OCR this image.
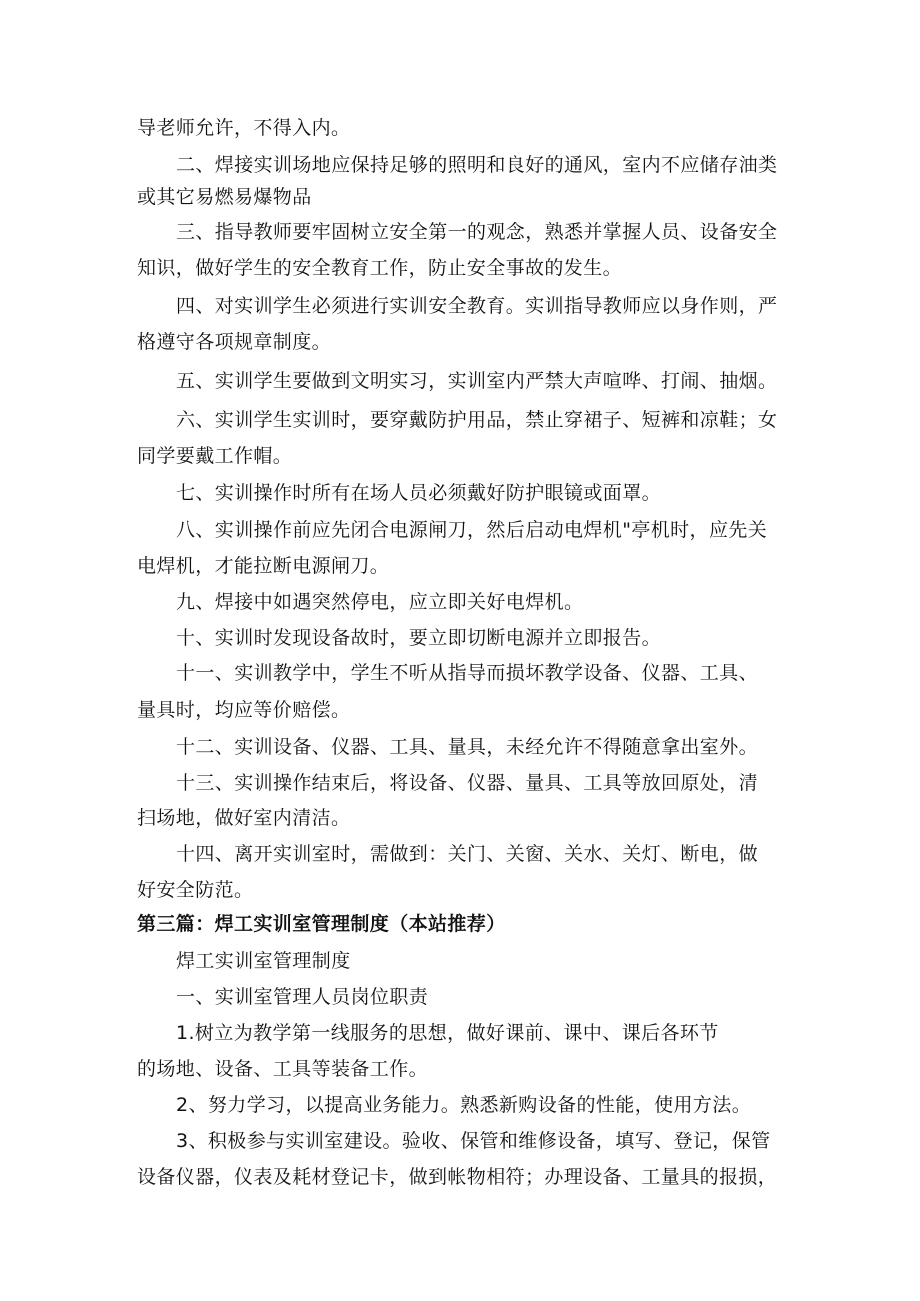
导老师允许，不得入内。
二、焊接实训场地应保持足够的照明和良好的通风，室内不应储存油类
或其它易燃易爆物品
三、指导教师要牢固树立安全第一的观念，熟悉并掌握人员、设备安全
知识，做好学生的安全教育工作，防止安全事故的发生。
四、对实训学生必须进行实训安全教育。实训指导教师应以身作则，严
格遵守各项规章制度。
五、实训学生要做到文明实习，实训室内严禁大声喧哗、打闹、抽烟。
六、实训学生实训时，要穿戴防护用品，禁止穿裙子、短裤和凉鞋；女
同学要戴工作帽。
七、实训操作时所有在场人员必须戴好防护眼镜或面罩。
八、实训操作前应先闭合电源闸刀，然后启动电焊机"亭机时，应先关
电焊机，才能拉断电源闸刀。
九、焊接中如遇突然停电，应立即关好电焊机。
十、实训时发现设备故时，要立即切断电源并立即报告。
十一、实训教学中，学生不听从指导而损坏教学设备、仪器、工具、
量具时，均应等价赔偿。
十二、实训设备、仪器、工具、量具，未经允许不得随意拿出室外。
十三、实训操作结束后，将设备、仪器、量具、工具等放回原处，清
扫场地，做好室内清洁。
十四、离开实训室时，需做到：关门、关窗、关水、关灯、断电，做
好安全防范。
第三篇：焊工实训室管理制度（本站推荐）
焊工实训室管理制度
一、实训室管理人员岗位职责
1.树立为教学第一线服务的思想，做好课前、课中、课后各环节
的场地、设备、工具等装备工作。
2、努力学习，以提高业务能力。熟悉新购设备的性能，使用方法。
3、积极参与实训室建设。验收、保管和维修设备，填写、登记，保管
设备仪器，仪表及耗材登记卡，做到帐物相符；办理设备、工量具的报损，
